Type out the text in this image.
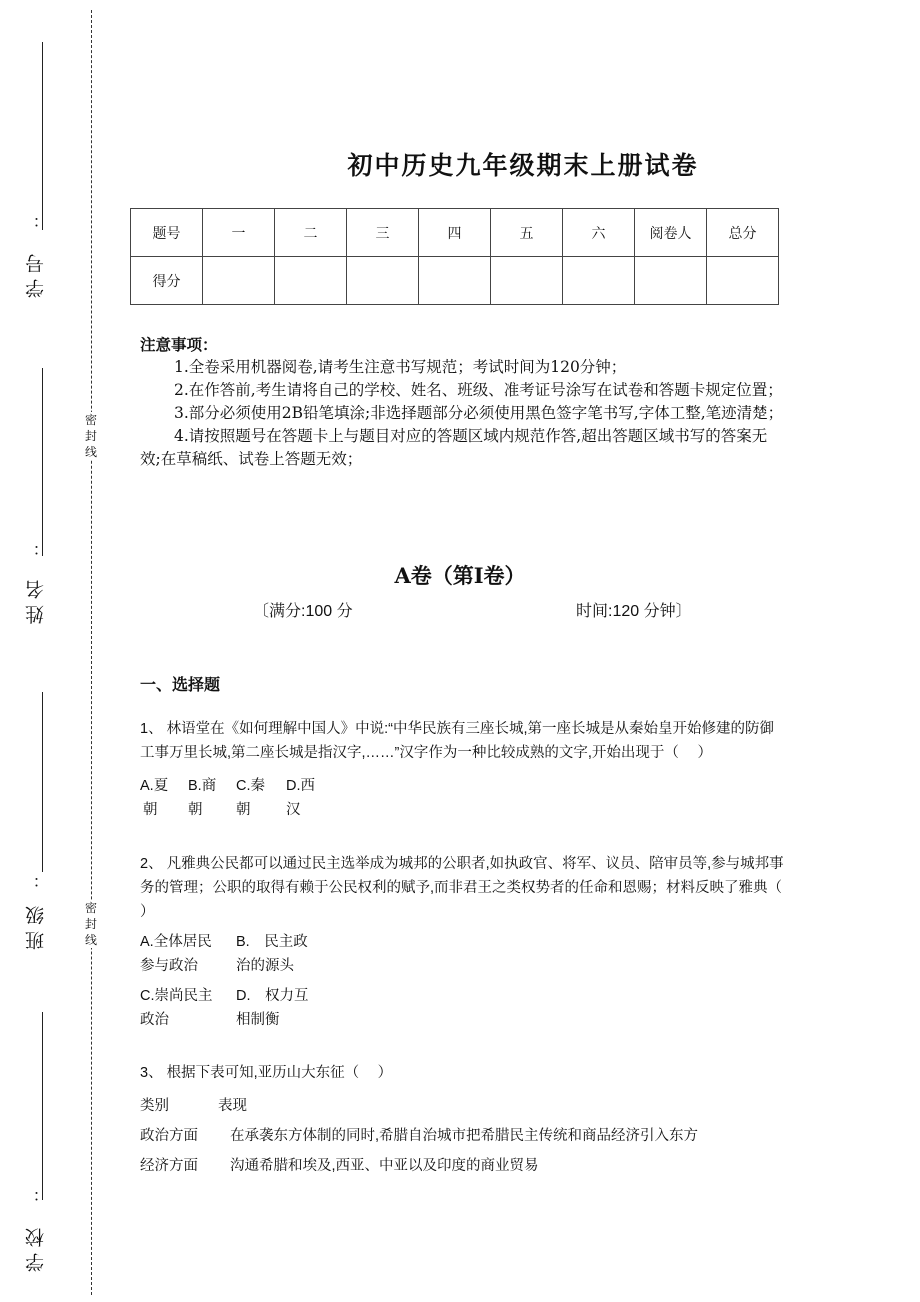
：
学号
：
姓名
：
班级
：
学校
密
封
线
密
封
线
初中历史九年级期末上册试卷
题号	一	二	三	四	五	六	阅卷人	总分
得分								
注意事项：

1.全卷采用机器阅卷,请考生注意书写规范；考试时间为120分钟；

2.在作答前,考生请将自己的学校、姓名、班级、准考证号涂写在试卷和答题卡规定位置；

3.部分必须使用2B铅笔填涂;非选择题部分必须使用黑色签字笔书写,字体工整,笔迹清楚；

4.请按照题号在答题卡上与题目对应的答题区域内规范作答,超出答题区域书写的答案无效;在草稿纸、试卷上答题无效；

A卷（第I卷）
〔满分:100 分	时间:120 分钟〕
一、选择题
1、 林语堂在《如何理解中国人》中说:“中华民族有三座长城,第一座长城是从秦始皇开始修建的防御工事万里长城,第二座长城是指汉字,……”汉字作为一种比较成熟的文字,开始出现于（　 ）
A.夏
朝
B.商
朝
C.秦
朝
D.西
汉
2、 凡雅典公民都可以通过民主选举成为城邦的公职者,如执政官、将军、议员、陪审员等,参与城邦事务的管理；公职的取得有赖于公民权利的赋予,而非君王之类权势者的任命和恩赐；材料反映了雅典（　 ）
A.全体居民
参与政治
B.　民主政
治的源头
C.崇尚民主
政治
D.　权力互
相制衡
3、 根据下表可知,亚历山大东征（　 ）
类别	表现
政治方面 在承袭东方体制的同时,希腊自治城市把希腊民主传统和商品经济引入东方
经济方面 沟通希腊和埃及,西亚、中亚以及印度的商业贸易
